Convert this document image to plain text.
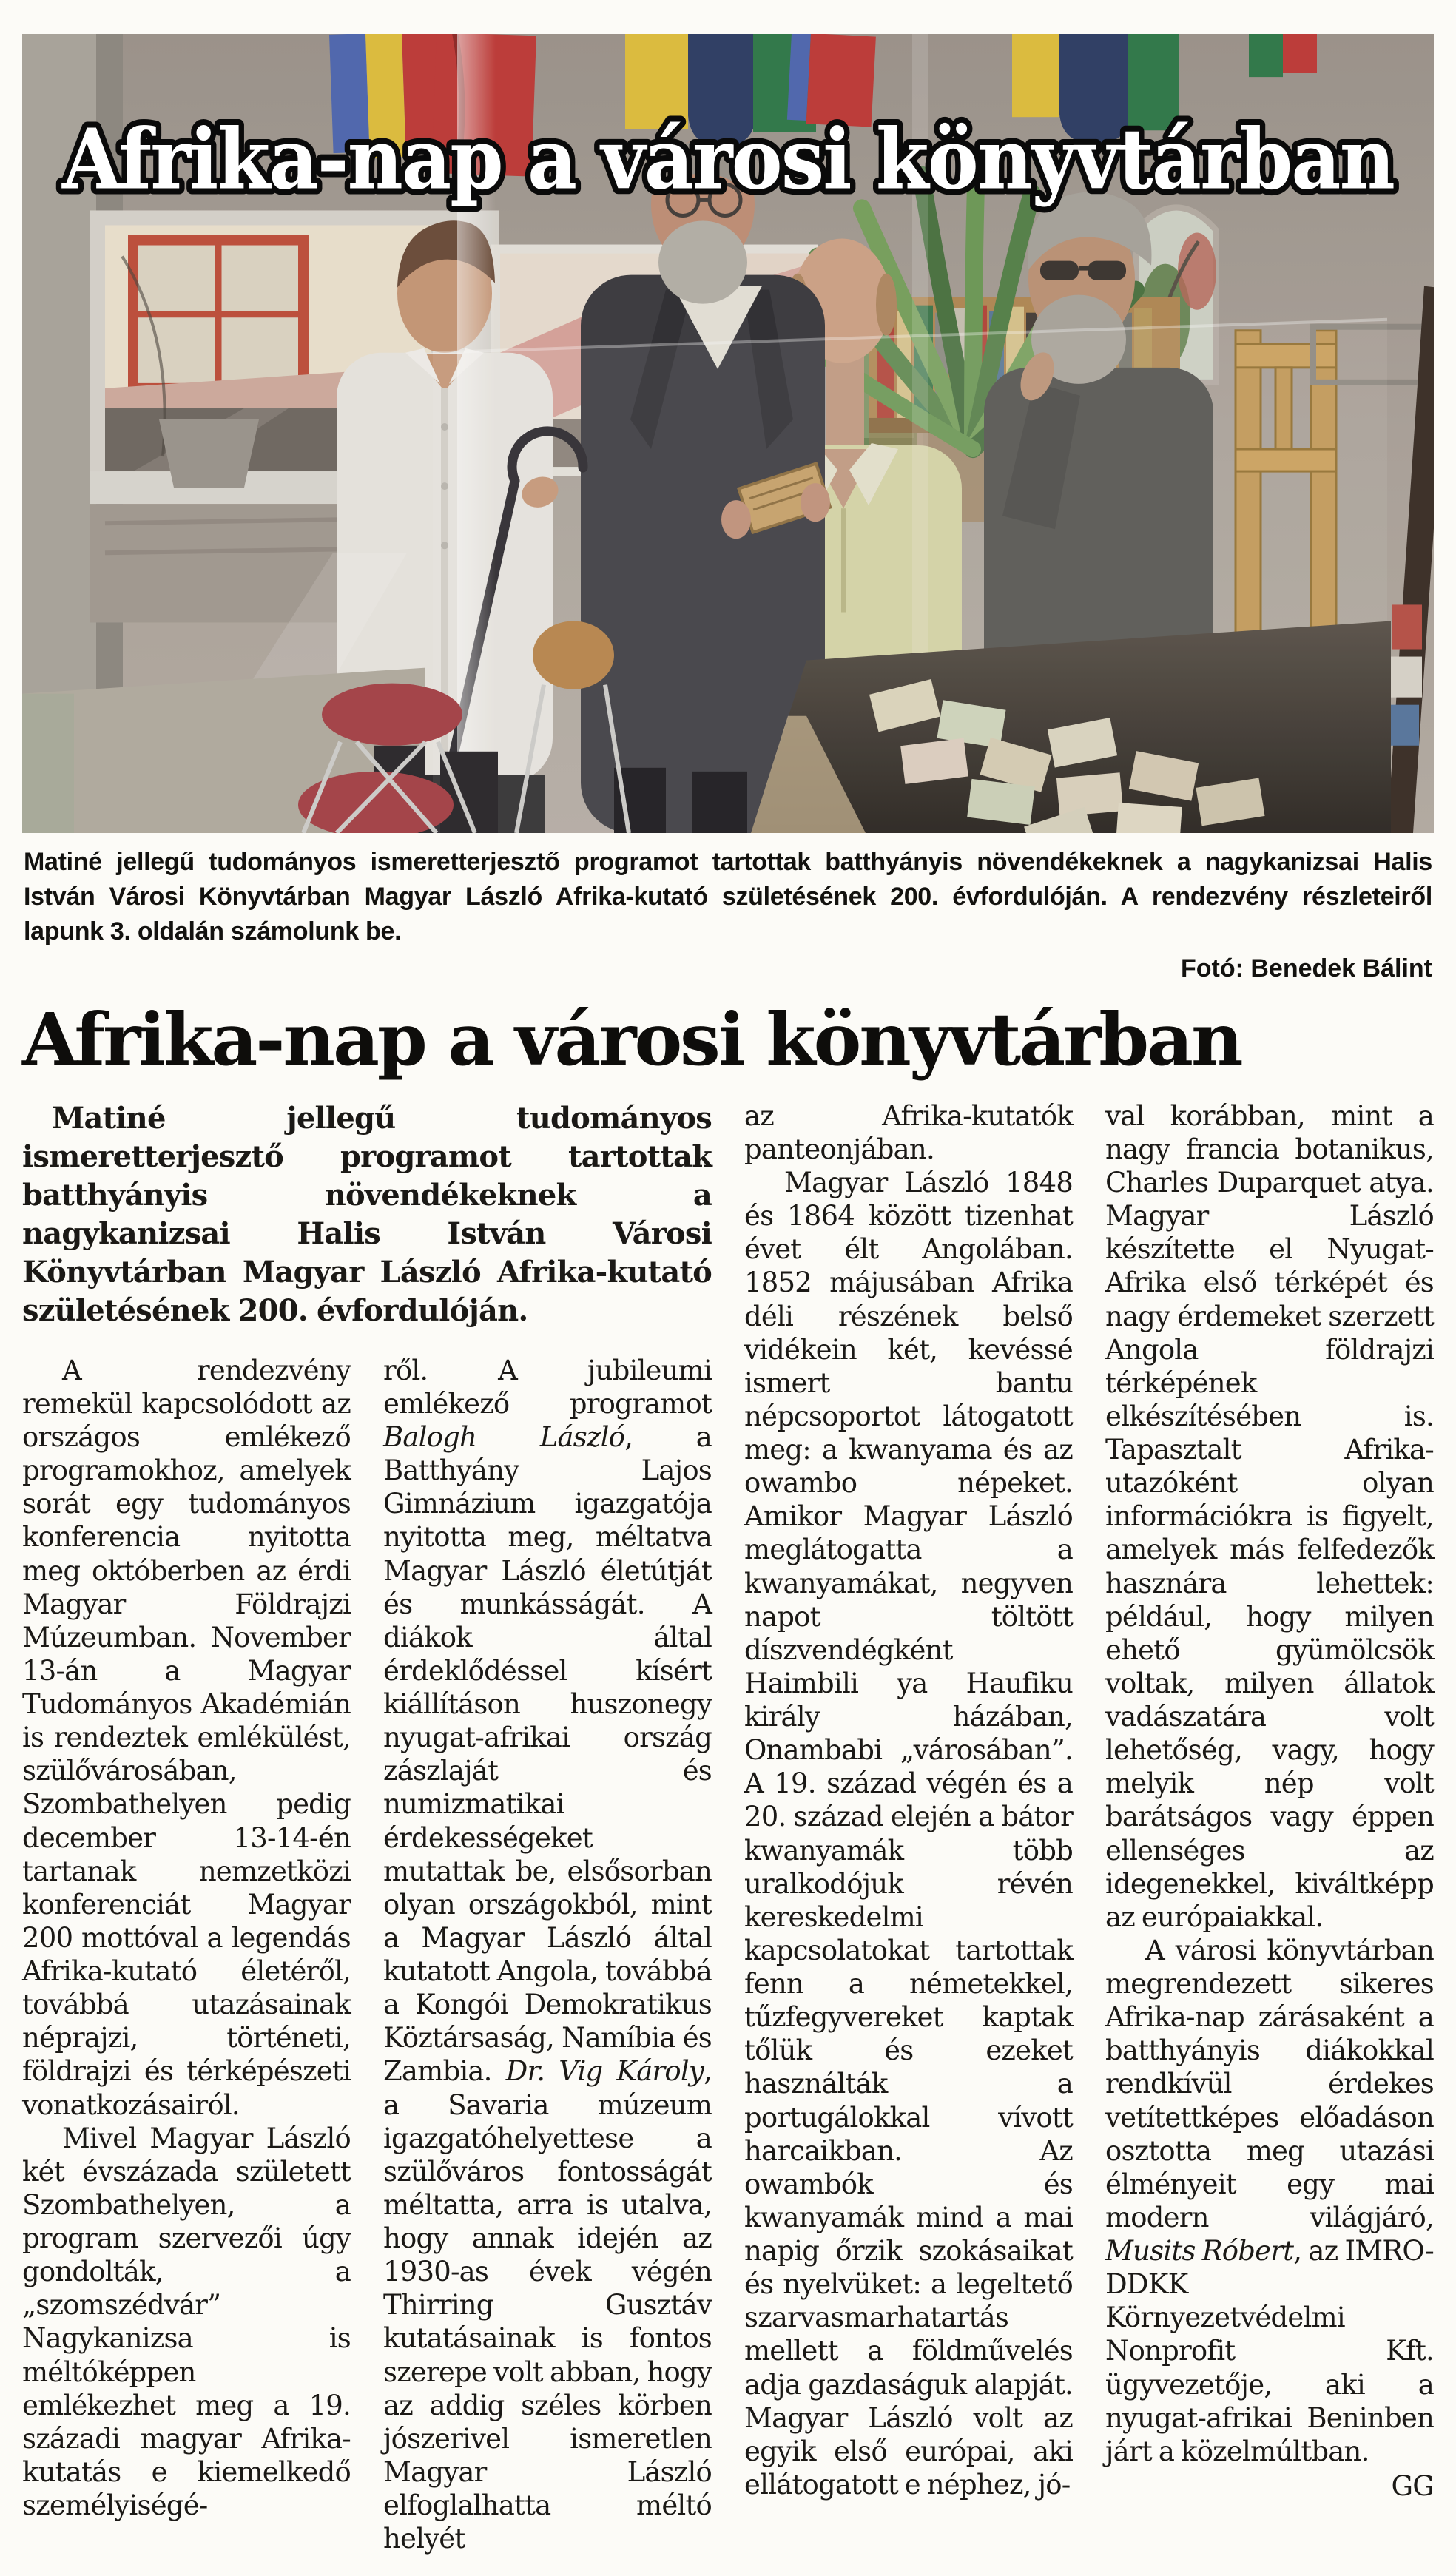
Afrika-nap a városi könyvtárban

Matiné jellegű tudományos ismeretterjesztő programot tartottak batthyányis növendékeknek a nagykanizsai Halis István Városi Könyvtárban Magyar László Afrika-kutató születésének 200. évfordulóján. A rendezvény részleteiről lapunk 3. oldalán számolunk be.

Fotó: Benedek Bálint

Afrika-nap a városi könyvtárban

Matiné jellegű tudományos ismeretterjesztő programot tartottak batthyányis növendékeknek a nagykanizsai Halis István Városi Könyvtárban Magyar László Afrika-kutató születésének 200. évfordulóján.

A rendezvény remekül kapcsolódott az országos emlékező programokhoz, amelyek sorát egy tudományos konferencia nyitotta meg októberben az érdi Magyar Földrajzi Múzeumban. November 13-án a Magyar Tudományos Akadémián is rendeztek emlékülést, szülővárosában, Szombathelyen pedig december 13-14-én tartanak nemzetközi konferenciát Magyar 200 mottóval a legendás Afrika-kutató életéről, továbbá utazásainak néprajzi, történeti, földrajzi és térképészeti vonatkozásairól.

Mivel Magyar László két évszázada született Szombathelyen, a program szervezői úgy gondolták, a „szomszédvár” Nagykanizsa is méltóképpen emlékezhet meg a 19. századi magyar Afrika-kutatás e kiemelkedő személyiségé-

ről. A jubileumi emlékező programot Balogh László, a Batthyány Lajos Gimnázium igazgatója nyitotta meg, méltatva Magyar László életútját és munkásságát. A diákok által érdeklődéssel kísért kiállításon huszonegy nyugat-afrikai ország zászlaját és numizmatikai érdekességeket mutattak be, elsősorban olyan országokból, mint a Magyar László által kutatott Angola, továbbá a Kongói Demokratikus Köztársaság, Namíbia és Zambia. Dr. Vig Károly, a Savaria múzeum igazgatóhelyettese a szülőváros fontosságát méltatta, arra is utalva, hogy annak idején az 1930-as évek végén Thirring Gusztáv kutatásainak is fontos szerepe volt abban, hogy az addig széles körben jószerivel ismeretlen Magyar László elfoglalhatta méltó helyét

az Afrika-kutatók panteonjában.

Magyar László 1848 és 1864 között tizenhat évet élt Angolában. 1852 májusában Afrika déli részének belső vidékein két, kevéssé ismert bantu népcsoportot látogatott meg: a kwanyama és az owambo népeket. Amikor Magyar László meglátogatta a kwanyamákat, negyven napot töltött díszvendégként Haimbili ya Haufiku király házában, Onambabi „városában”. A 19. század végén és a 20. század elején a bátor kwanyamák több uralkodójuk révén kereskedelmi kapcsolatokat tartottak fenn a németekkel, tűzfegyvereket kaptak tőlük és ezeket használták a portugálokkal vívott harcaikban. Az owambók és kwanyamák mind a mai napig őrzik szokásaikat és nyelvüket: a legeltető szarvasmarhatartás mellett a földművelés adja gazdaságuk alapját. Magyar László volt az egyik első európai, aki ellátogatott e néphez, jó-

val korábban, mint a nagy francia botanikus, Charles Duparquet atya. Magyar László készítette el Nyugat-Afrika első térképét és nagy érdemeket szerzett Angola földrajzi térképének elkészítésében is. Tapasztalt Afrika-utazóként olyan információkra is figyelt, amelyek más felfedezők hasznára lehettek: például, hogy milyen ehető gyümölcsök voltak, milyen állatok vadászatára volt lehetőség, vagy, hogy melyik nép volt barátságos vagy éppen ellenséges az idegenekkel, kiváltképp az európaiakkal.

A városi könyvtárban megrendezett sikeres Afrika-nap zárásaként a batthyányis diákokkal rendkívül érdekes vetítettképes előadáson osztotta meg utazási élményeit egy mai modern világjáró, Musits Róbert, az IMRO-DDKK Környezetvédelmi Nonprofit Kft. ügyvezetője, aki a nyugat-afrikai Beninben járt a közelmúltban.

GG
